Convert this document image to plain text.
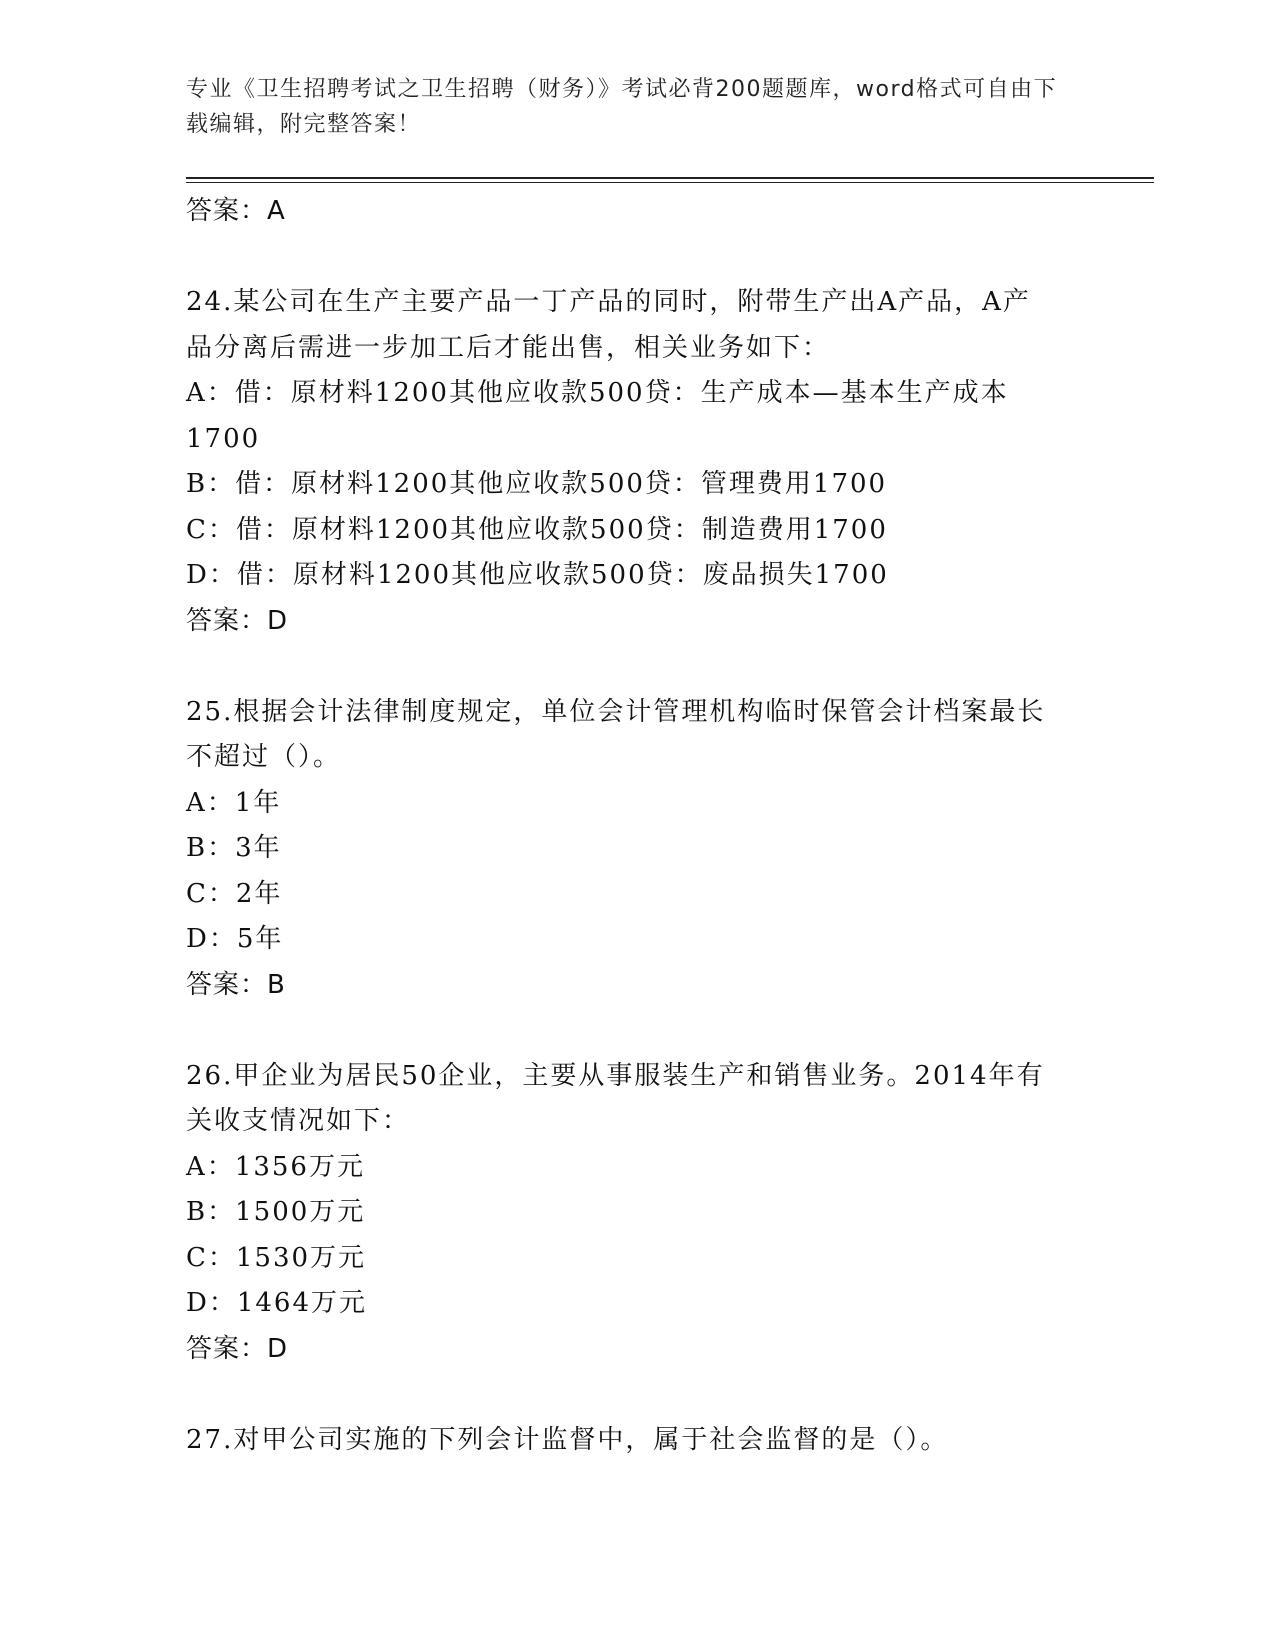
专业《卫生招聘考试之卫生招聘（财务）》考试必背200题题库，word格式可自由下载编辑，附完整答案！

答案：A

24.某公司在生产主要产品一丁产品的同时，附带生产出A产品，A产

品分离后需进一步加工后才能出售，相关业务如下：

A：借：原材料1200其他应收款500贷：生产成本—基本生产成本

1700

B：借：原材料1200其他应收款500贷：管理费用1700

C：借：原材料1200其他应收款500贷：制造费用1700

D：借：原材料1200其他应收款500贷：废品损失1700

答案：D

25.根据会计法律制度规定，单位会计管理机构临时保管会计档案最长

不超过（）。

A：1年

B：3年

C：2年

D：5年

答案：B

26.甲企业为居民50企业，主要从事服装生产和销售业务。2014年有

关收支情况如下：

A：1356万元

B：1500万元

C：1530万元

D：1464万元

答案：D

27.对甲公司实施的下列会计监督中，属于社会监督的是（）。
